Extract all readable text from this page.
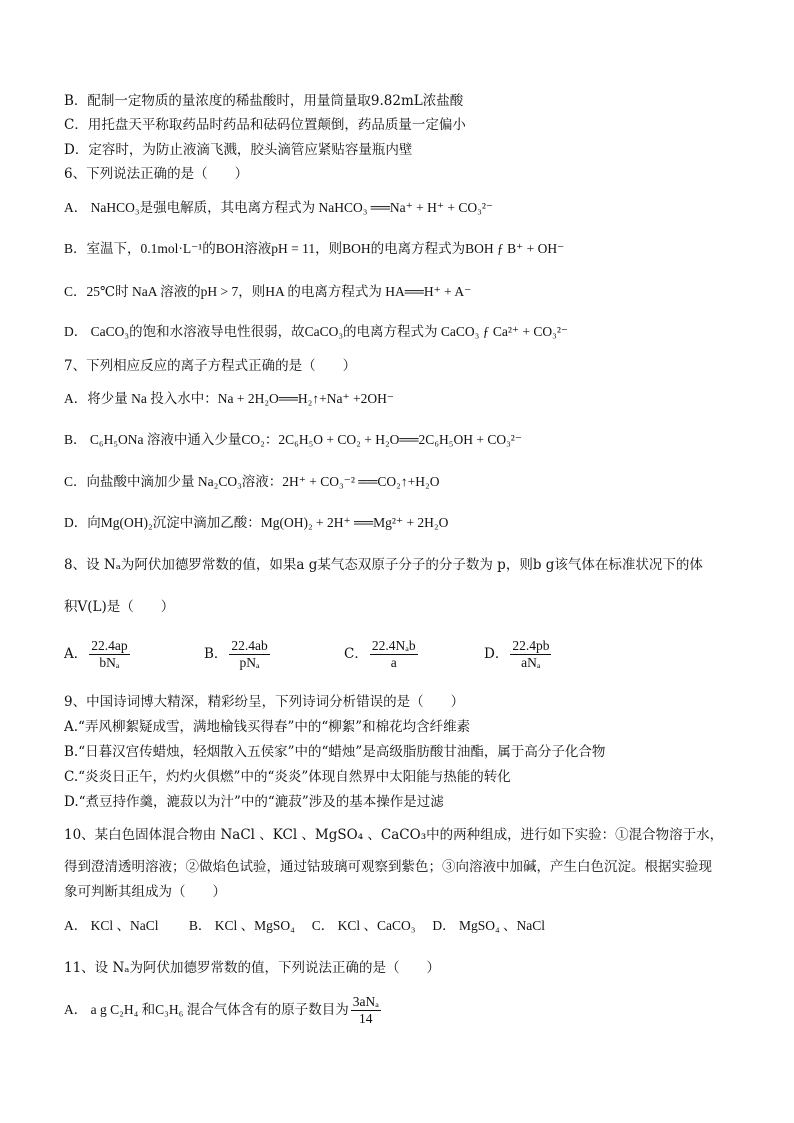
B．配制一定物质的量浓度的稀盐酸时，用量筒量取9.82mL浓盐酸
C．用托盘天平称取药品时药品和砝码位置颠倒，药品质量一定偏小
D．定容时，为防止液滴飞溅，胶头滴管应紧贴容量瓶内壁
6、下列说法正确的是（　　）
A． NaHCO₃是强电解质，其电离方程式为 NaHCO₃ ══Na⁺ + H⁺ + CO₃²⁻
B．室温下，0.1mol·L⁻¹的BOH溶液pH = 11，则BOH的电离方程式为BOH ƒ B⁺ + OH⁻
C．25℃时 NaA 溶液的pH > 7，则HA 的电离方程式为 HA══H⁺ + A⁻
D． CaCO₃的饱和水溶液导电性很弱，故CaCO₃的电离方程式为 CaCO₃ ƒ Ca²⁺ + CO₃²⁻
7、下列相应反应的离子方程式正确的是（　　）
A．将少量 Na 投入水中：Na + 2H₂O══H₂↑+Na⁺ +2OH⁻
B． C₆H₅ONa 溶液中通入少量CO₂：2C₆H₅O + CO₂ + H₂O══2C₆H₅OH + CO₃²⁻
C．向盐酸中滴加少量 Na₂CO₃溶液：2H⁺ + CO₃⁻² ══CO₂↑+H₂O
D．向Mg(OH)₂沉淀中滴加乙酸：Mg(OH)₂ + 2H⁺ ══Mg²⁺ + 2H₂O
8、设 Nₐ为阿伏加德罗常数的值，如果a g某气态双原子分子的分子数为 p，则b g该气体在标准状况下的体
积V(L)是（　　）
A． $\frac{22.4ap}{\text{bNₐ}}$	B． $\frac{22.4ab}{\text{pNₐ}}$	C． $\frac{\text{22.4Nₐb}}{a}$	D． $\frac{22.4pb}{\text{aNₐ}}$
9、中国诗词博大精深，精彩纷呈，下列诗词分析错误的是（　　）
A.“弄风柳絮疑成雪，满地榆钱买得春”中的“柳絮”和棉花均含纤维素
B.“日暮汉宫传蜡烛，轻烟散入五侯家”中的“蜡烛”是高级脂肪酸甘油酯，属于高分子化合物
C.“炎炎日正午，灼灼火俱燃”中的“炎炎”体现自然界中太阳能与热能的转化
D.“煮豆持作羹，漉菽以为汁”中的“漉菽”涉及的基本操作是过滤
10、某白色固体混合物由 NaCl 、KCl 、MgSO₄ 、CaCO₃中的两种组成，进行如下实验：①混合物溶于水，
得到澄清透明溶液；②做焰色试验，通过钴玻璃可观察到紫色；③向溶液中加碱，产生白色沉淀。根据实验现
象可判断其组成为（　　）
A． KCl 、NaCl 　　B． KCl 、MgSO₄ 　C． KCl 、CaCO₃ 　D． MgSO₄ 、NaCl
11、设 Nₐ为阿伏加德罗常数的值，下列说法正确的是（　　）
A． a g C₂H₄ 和C₃H₆ 混合气体含有的原子数目为 $\frac{\text{3aNₐ}}{14}$
